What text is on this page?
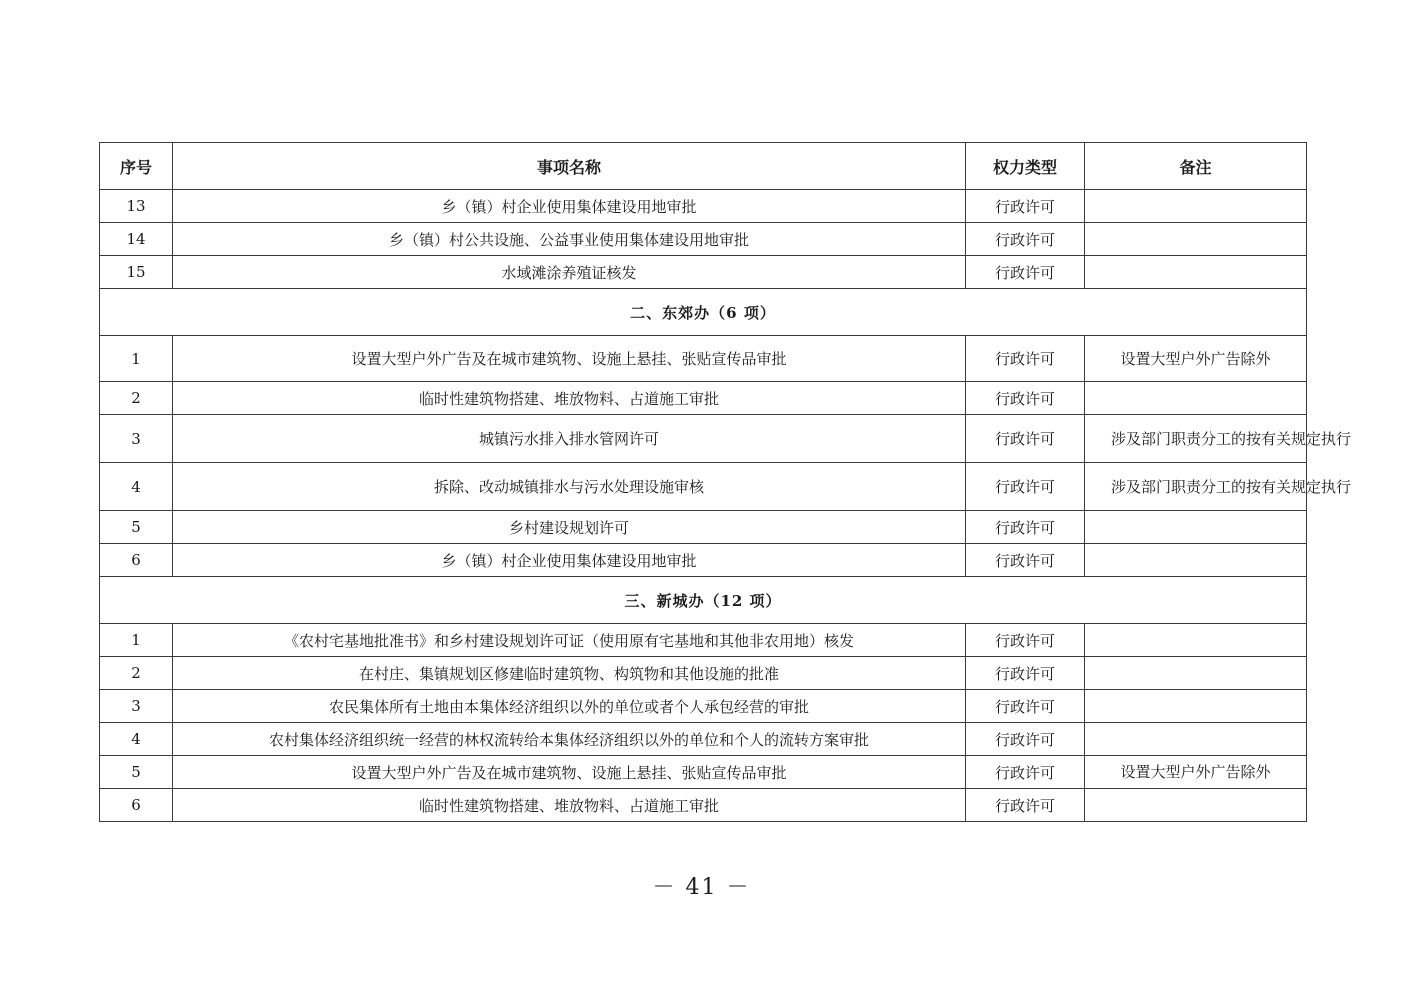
序号	事项名称	权力类型	备注
13	乡（镇）村企业使用集体建设用地审批	行政许可	
14	乡（镇）村公共设施、公益事业使用集体建设用地审批	行政许可	
15	水域滩涂养殖证核发	行政许可	
二、东郊办（6 项）			
1	设置大型户外广告及在城市建筑物、设施上悬挂、张贴宣传品审批	行政许可	设置大型户外广告除外
2	临时性建筑物搭建、堆放物料、占道施工审批	行政许可	
3	城镇污水排入排水管网许可	行政许可	涉及部门职责分工的按有关规定执行
4	拆除、改动城镇排水与污水处理设施审核	行政许可	涉及部门职责分工的按有关规定执行
5	乡村建设规划许可	行政许可	
6	乡（镇）村企业使用集体建设用地审批	行政许可	
三、新城办（12 项）			
1	《农村宅基地批准书》和乡村建设规划许可证（使用原有宅基地和其他非农用地）核发	行政许可	
2	在村庄、集镇规划区修建临时建筑物、构筑物和其他设施的批准	行政许可	
3	农民集体所有土地由本集体经济组织以外的单位或者个人承包经营的审批	行政许可	
4	农村集体经济组织统一经营的林权流转给本集体经济组织以外的单位和个人的流转方案审批	行政许可	
5	设置大型户外广告及在城市建筑物、设施上悬挂、张贴宣传品审批	行政许可	设置大型户外广告除外
6	临时性建筑物搭建、堆放物料、占道施工审批	行政许可	
－ 41 －
